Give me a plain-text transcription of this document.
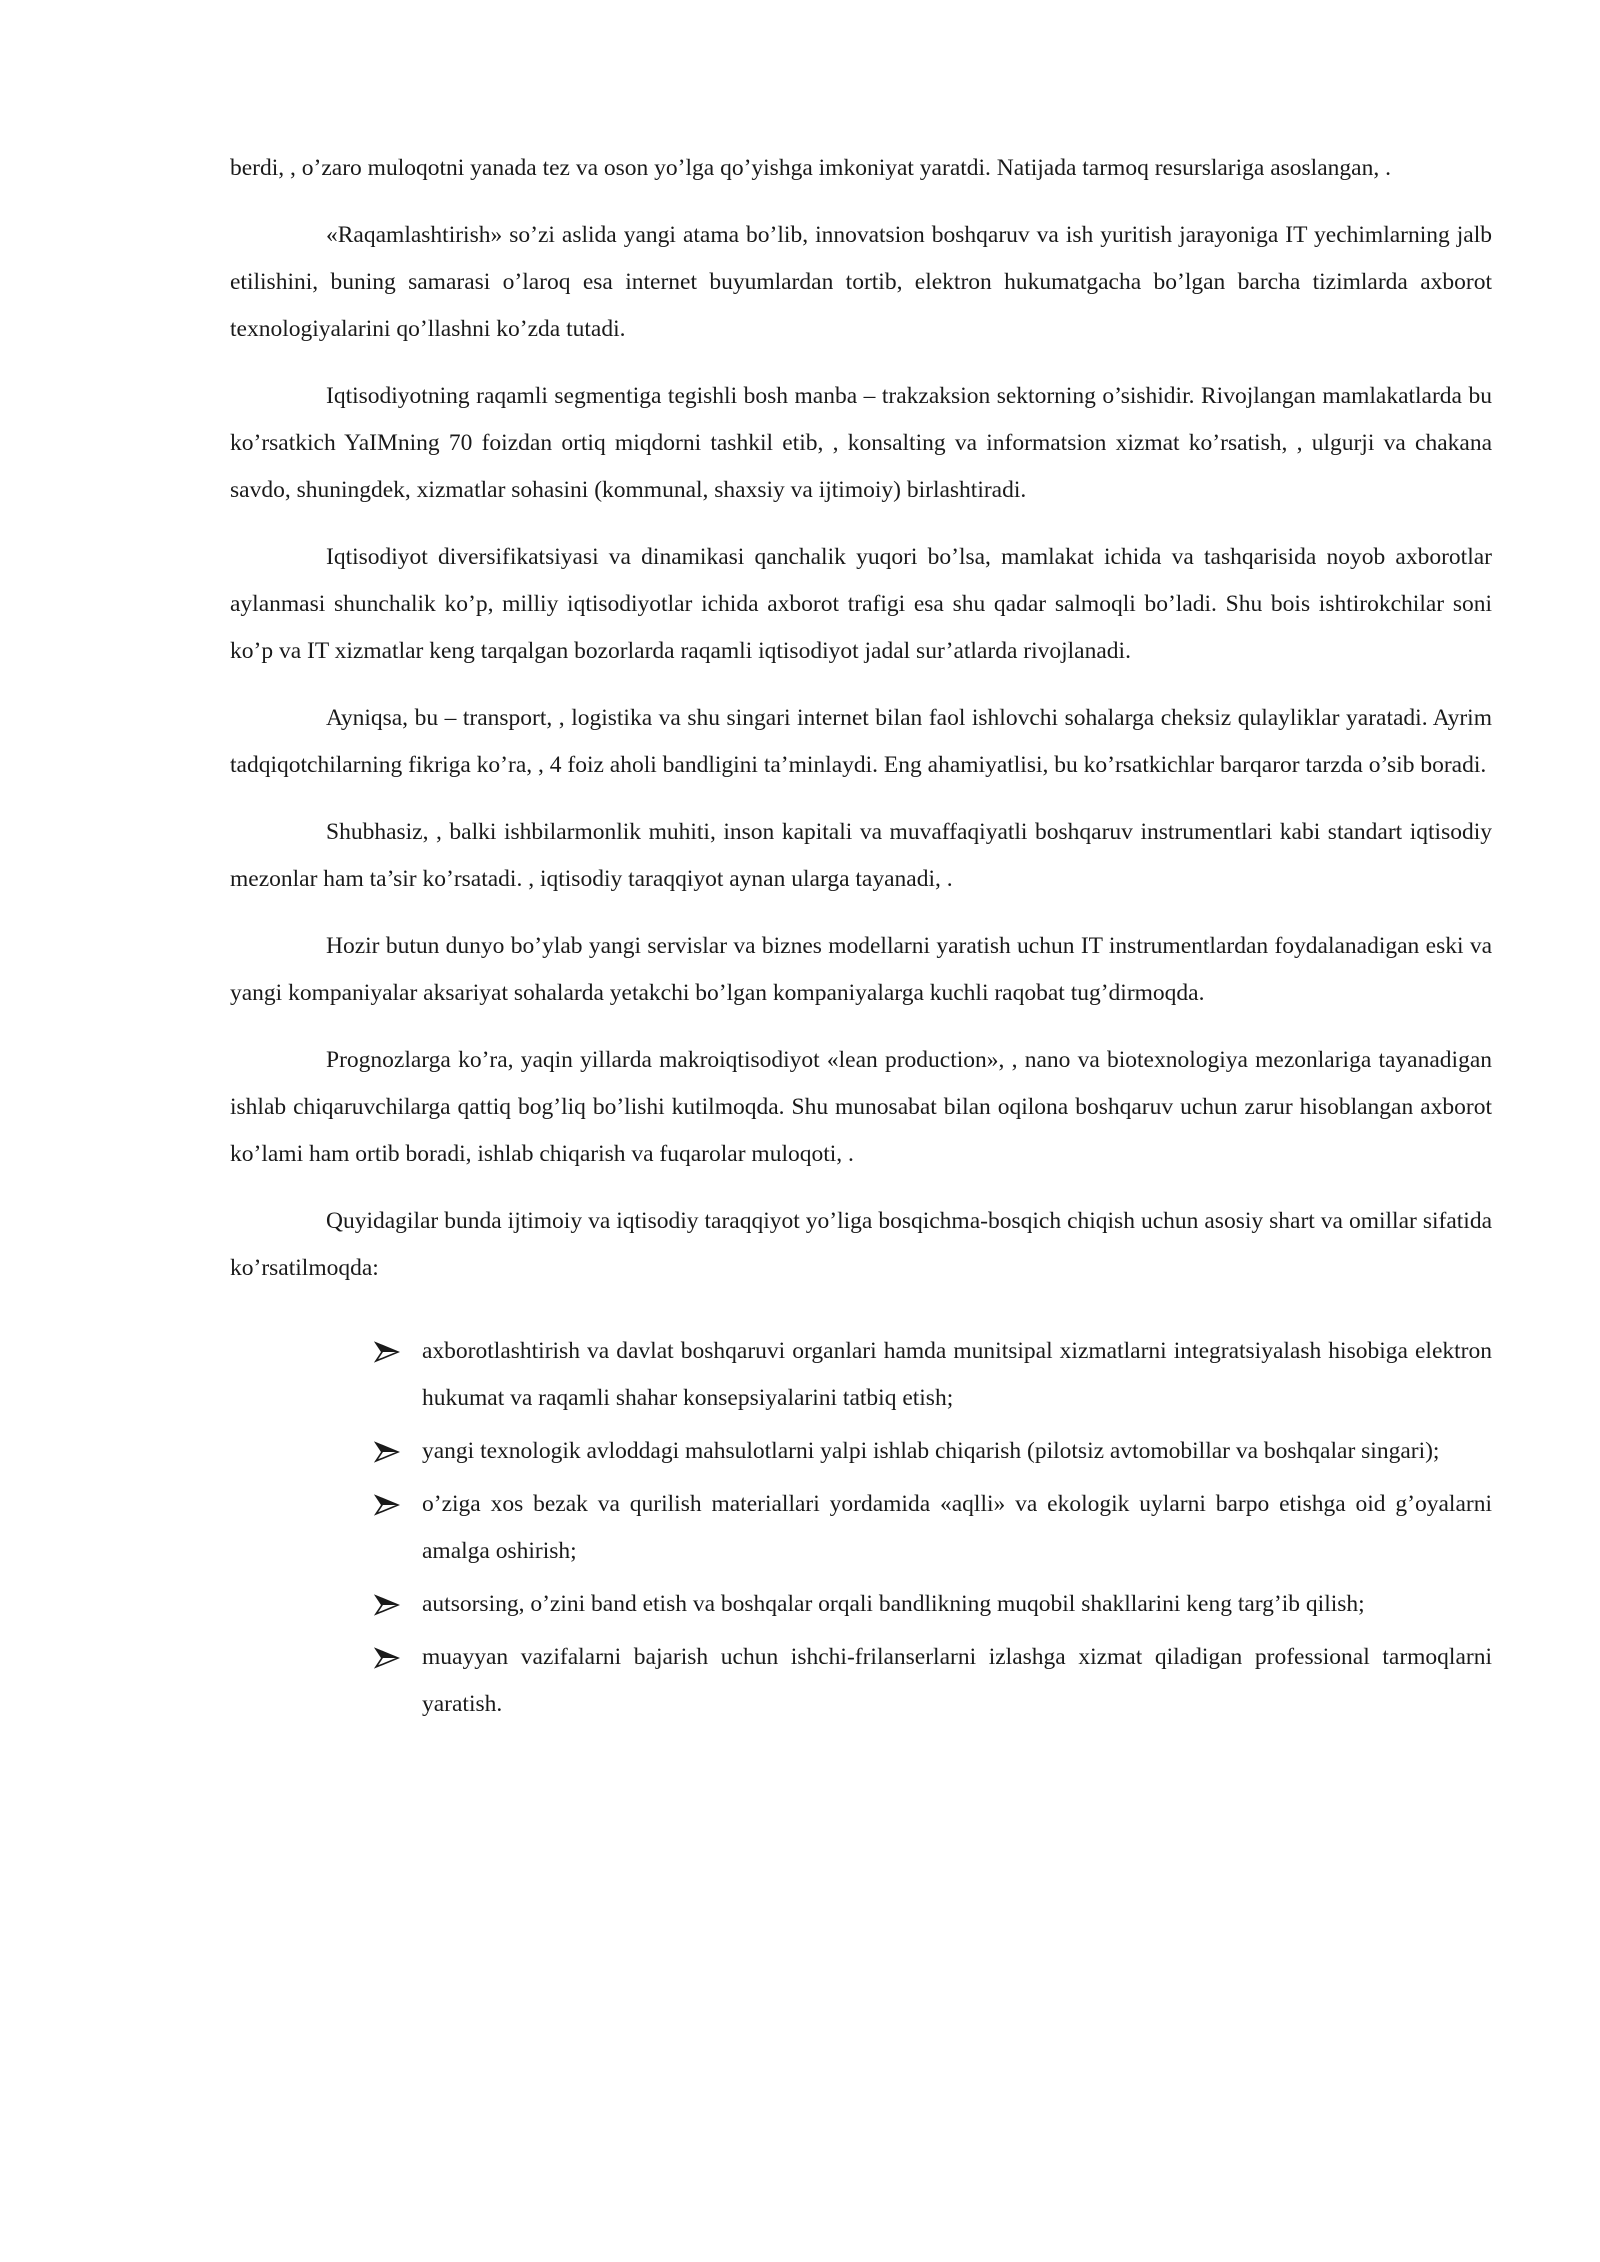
berdi, , o’zaro muloqotni yanada tez va oson yo’lga qo’yishga imkoniyat yaratdi. Natijada tarmoq resurslariga asoslangan, .

«Raqamlashtirish» so’zi aslida yangi atama bo’lib, innovatsion boshqaruv va ish yuritish jarayoniga IT yechimlarning jalb etilishini, buning samarasi o’laroq esa internet buyumlardan tortib, elektron hukumatgacha bo’lgan barcha tizimlarda axborot texnologiyalarini qo’llashni ko’zda tutadi.

Iqtisodiyotning raqamli segmentiga tegishli bosh manba – trakzaksion sektorning o’sishidir. Rivojlangan mamlakatlarda bu ko’rsatkich YaIMning 70 foizdan ortiq miqdorni tashkil etib, , konsalting va informatsion xizmat ko’rsatish, , ulgurji va chakana savdo, shuningdek, xizmatlar sohasini (kommunal, shaxsiy va ijtimoiy) birlashtiradi.

Iqtisodiyot diversifikatsiyasi va dinamikasi qanchalik yuqori bo’lsa, mamlakat ichida va tashqarisida noyob axborotlar aylanmasi shunchalik ko’p, milliy iqtisodiyotlar ichida axborot trafigi esa shu qadar salmoqli bo’ladi. Shu bois ishtirokchilar soni ko’p va IT xizmatlar keng tarqalgan bozorlarda raqamli iqtisodiyot jadal sur’atlarda rivojlanadi.

Ayniqsa, bu – transport, , logistika va shu singari internet bilan faol ishlovchi sohalarga cheksiz qulayliklar yaratadi. Ayrim tadqiqotchilarning fikriga ko’ra, , 4 foiz aholi bandligini ta’minlaydi. Eng ahamiyatlisi, bu ko’rsatkichlar barqaror tarzda o’sib boradi.

Shubhasiz, , balki ishbilarmonlik muhiti, inson kapitali va muvaffaqiyatli boshqaruv instrumentlari kabi standart iqtisodiy mezonlar ham ta’sir ko’rsatadi. , iqtisodiy taraqqiyot aynan ularga tayanadi, .

Hozir butun dunyo bo’ylab yangi servislar va biznes modellarni yaratish uchun IT instrumentlardan foydalanadigan eski va yangi kompaniyalar aksariyat sohalarda yetakchi bo’lgan kompaniyalarga kuchli raqobat tug’dirmoqda.

Prognozlarga ko’ra, yaqin yillarda makroiqtisodiyot «lean production», , nano va biotexnologiya mezonlariga tayanadigan ishlab chiqaruvchilarga qattiq bog’liq bo’lishi kutilmoqda. Shu munosabat bilan oqilona boshqaruv uchun zarur hisoblangan axborot ko’lami ham ortib boradi, ishlab chiqarish va fuqarolar muloqoti, .

Quyidagilar bunda ijtimoiy va iqtisodiy taraqqiyot yo’liga bosqichma-bosqich chiqish uchun asosiy shart va omillar sifatida ko’rsatilmoqda:

axborotlashtirish va davlat boshqaruvi organlari hamda munitsipal xizmatlarni integratsiyalash hisobiga elektron hukumat va raqamli shahar konsepsiyalarini tatbiq etish;
yangi texnologik avloddagi mahsulotlarni yalpi ishlab chiqarish (pilotsiz avtomobillar va boshqalar singari);
o’ziga xos bezak va qurilish materiallari yordamida «aqlli» va ekologik uylarni barpo etishga oid g’oyalarni amalga oshirish;
autsorsing, o’zini band etish va boshqalar orqali bandlikning muqobil shakllarini keng targ’ib qilish;
muayyan vazifalarni bajarish uchun ishchi-frilanserlarni izlashga xizmat qiladigan professional tarmoqlarni yaratish.
